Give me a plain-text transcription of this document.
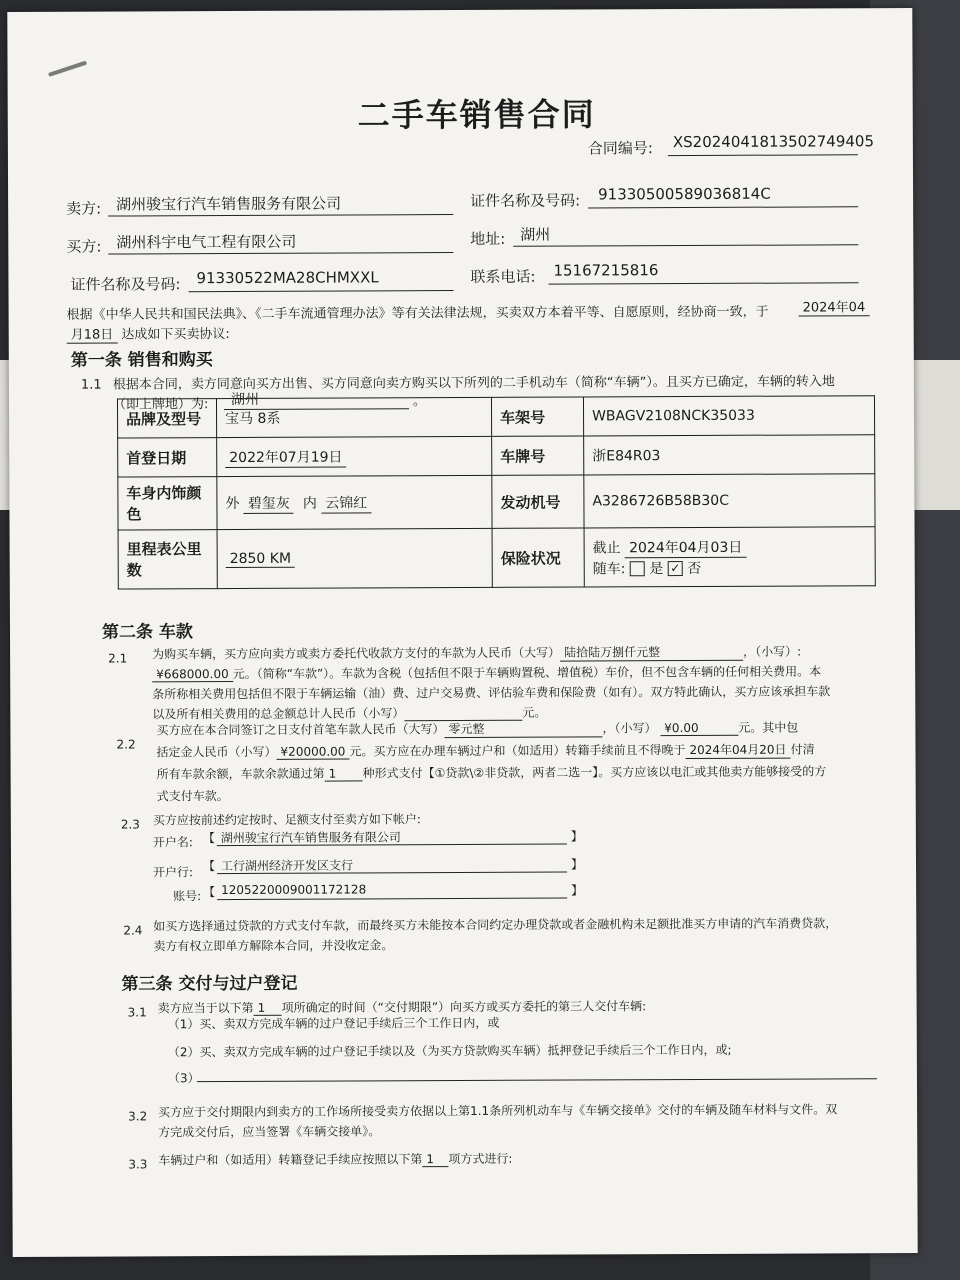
二手车销售合同
合同编号: XS20240418135027494​05
卖方: 湖州骏宝行汽车销售服务有限公司	证件名称及号码: 91330500589036814C
买方: 湖州科宇电气工程有限公司	地址: 湖州
证件名称及号码: 91330522MA28CHMXXL	联系电话: 15167215816
根据《中华人民共和国民法典》、《二手车流通管理办法》等有关法律法规，买卖双方本着平等、自愿原则，经协商一致，于	2024年04
月18日 达成如下买卖协议:
第一条 销售和购买
1.1 根据本合同，卖方同意向买方出售、买方同意向卖方购买以下所列的二手机动车（简称“车辆”）。且买方已确定，车辆的转入地
（即上牌地）为: 湖州	。
品牌及型号	宝马 8系	车架号	WBAGV2108NCK35033
首登日期	2022年07月19日	车牌号	浙E84R03
车身内饰颜色	外 碧玺灰 内 云锦红	发动机号	A3286726B58B30C
里程表公里数	2850 KM	保险状况	截止 2024年04月03日
随车: 是 ✓ 否
第二条 车款
2.1 为购买车辆，买方应向卖方或卖方委托代收款方支付的车款为人民币（大写） 陆拾陆万捌仟元整	，（小写）:
¥668000.00 元。（简称“车款”）。车款为含税（包括但不限于车辆购置税、增值税）车价，但不包含车辆的任何相关费用。本
条所称相关费用包括但不限于车辆运输（油）费、过户交易费、评估验车费和保险费（如有）。双方特此确认，买方应该承担车款
以及所有相关费用的总金额总计人民币（小写）	元。
2.2
买方应在本合同签订之日支付首笔车款人民币（大写） 零元整	，（小写） ¥0.00	元。其中包
括定金人民币（小写） ¥20000.00 元。买方应在办理车辆过户和（如适用）转籍手续前且不得晚于 2024年04月20日 付清
所有车款余额，车款余款通过第 1 种形式支付【①贷款\②非贷款，两者二选一】。买方应该以电汇或其他卖方能够接受的方
式支付车款。
2.3 买方应按前述约定按时、足额支付至卖方如下帐户:
开户名: 【 湖州骏宝行汽车销售服务有限公司	】
开户行: 【 工行湖州经济开发区支行	】
账号: 【 1205220009001172128	】
2.4 如买方选择通过贷款的方式支付车款，而最终买方未能按本合同约定办理贷款或者金融机构未足额批准买方申请的汽车消费贷款，
卖方有权立即单方解除本合同，并没收定金。
第三条 交付与过户登记
3.1 卖方应当于以下第 1 项所确定的时间（“交付期限”）向买方或买方委托的第三人交付车辆:
（1）买、卖双方完成车辆的过户登记手续后三个工作日内，或
（2）买、卖双方完成车辆的过户登记手续以及（为买方贷款购买车辆）抵押登记手续后三个工作日内，或;
（3）
3.2 买方应于交付期限内到卖方的工作场所接受卖方依据以上第1.1条所列机动车与《车辆交接单》交付的车辆及随车材料与文件。双
方完成交付后，应当签署《车辆交接单》。
3.3 车辆过户和（如适用）转籍登记手续应按照以下第 1 项方式进行:
